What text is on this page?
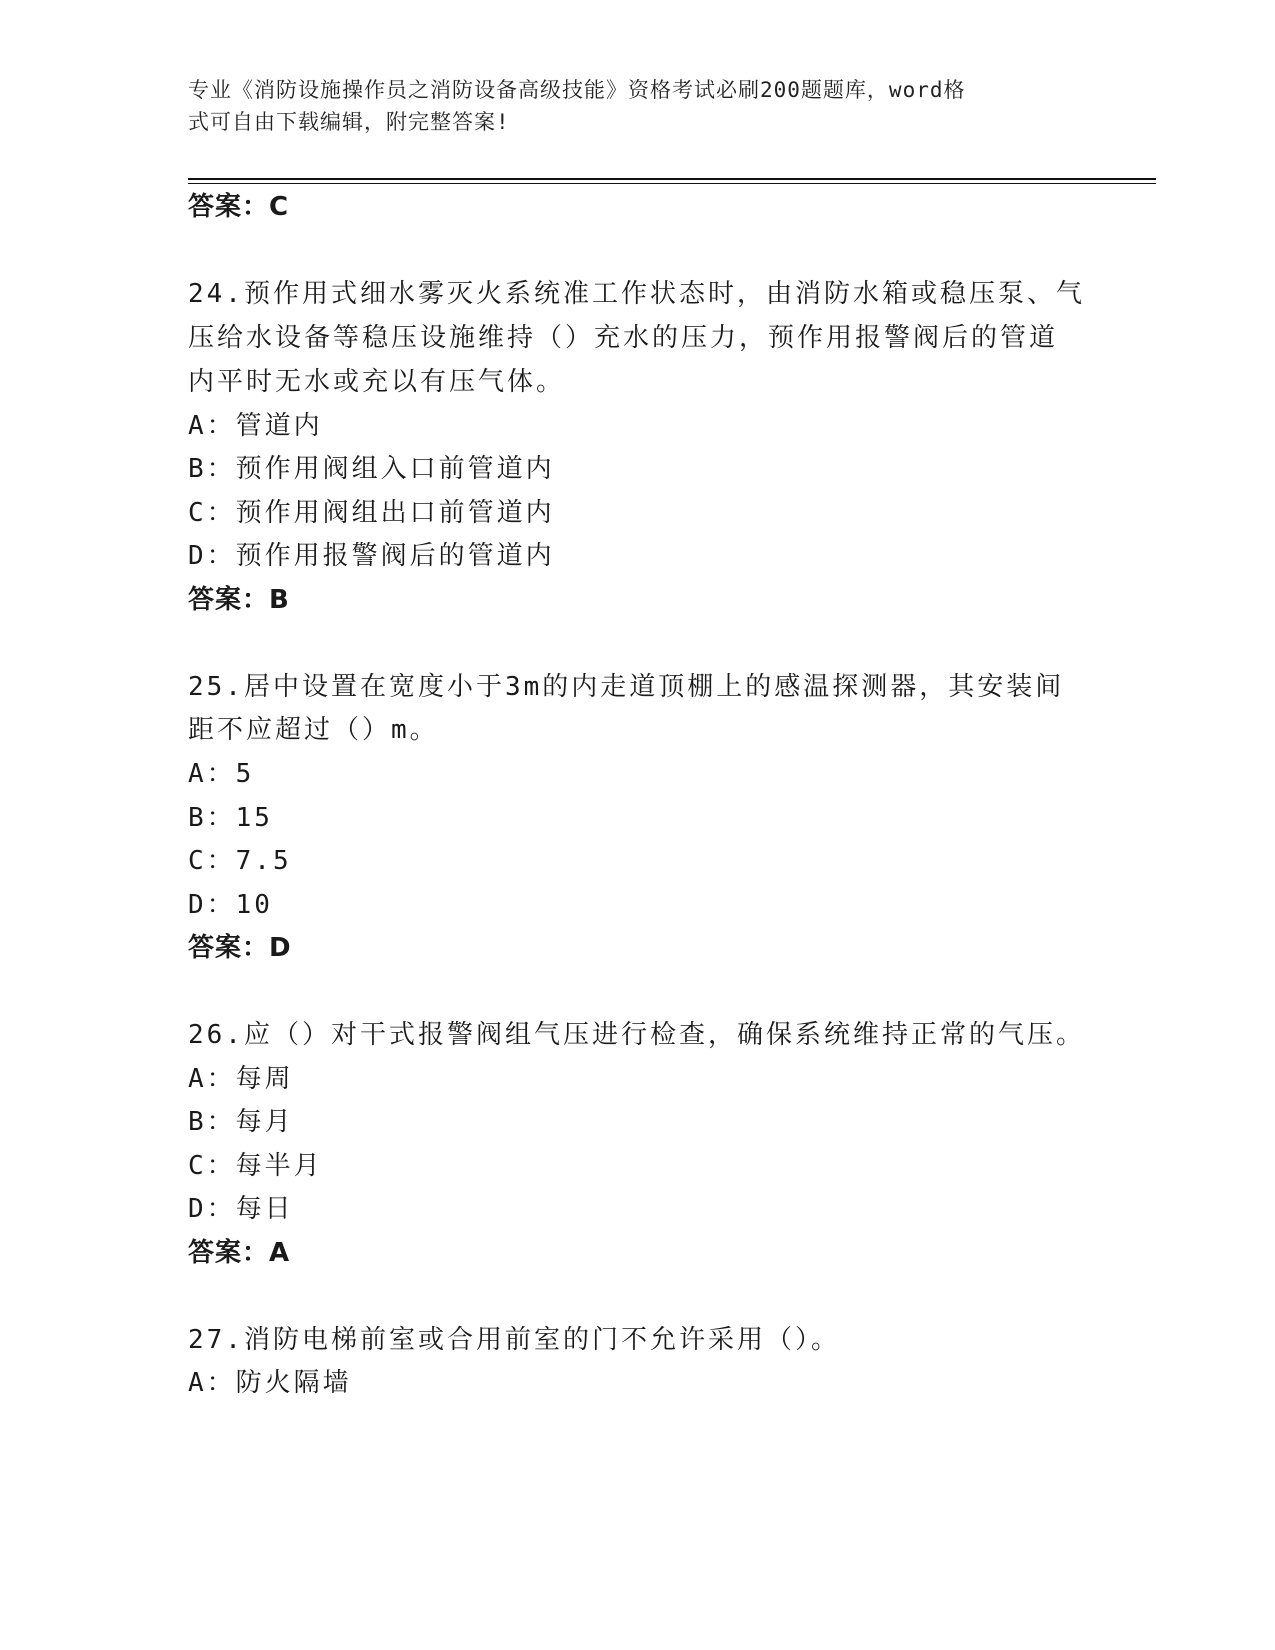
专业《消防设施操作员之消防设备高级技能》资格考试必刷200题题库，word格
式可自由下载编辑，附完整答案!
答案：C
24.预作用式细水雾灭火系统准工作状态时，由消防水箱或稳压泵、气
压给水设备等稳压设施维持（）充水的压力，预作用报警阀后的管道
内平时无水或充以有压气体。
A：管道内
B：预作用阀组入口前管道内
C：预作用阀组出口前管道内
D：预作用报警阀后的管道内
答案：B
25.居中设置在宽度小于3m的内走道顶棚上的感温探测器，其安装间
距不应超过（）m。
A：5
B：15
C：7.5
D：10
答案：D
26.应（）对干式报警阀组气压进行检查，确保系统维持正常的气压。
A：每周
B：每月
C：每半月
D：每日
答案：A
27.消防电梯前室或合用前室的门不允许采用（）。
A：防火隔墙
